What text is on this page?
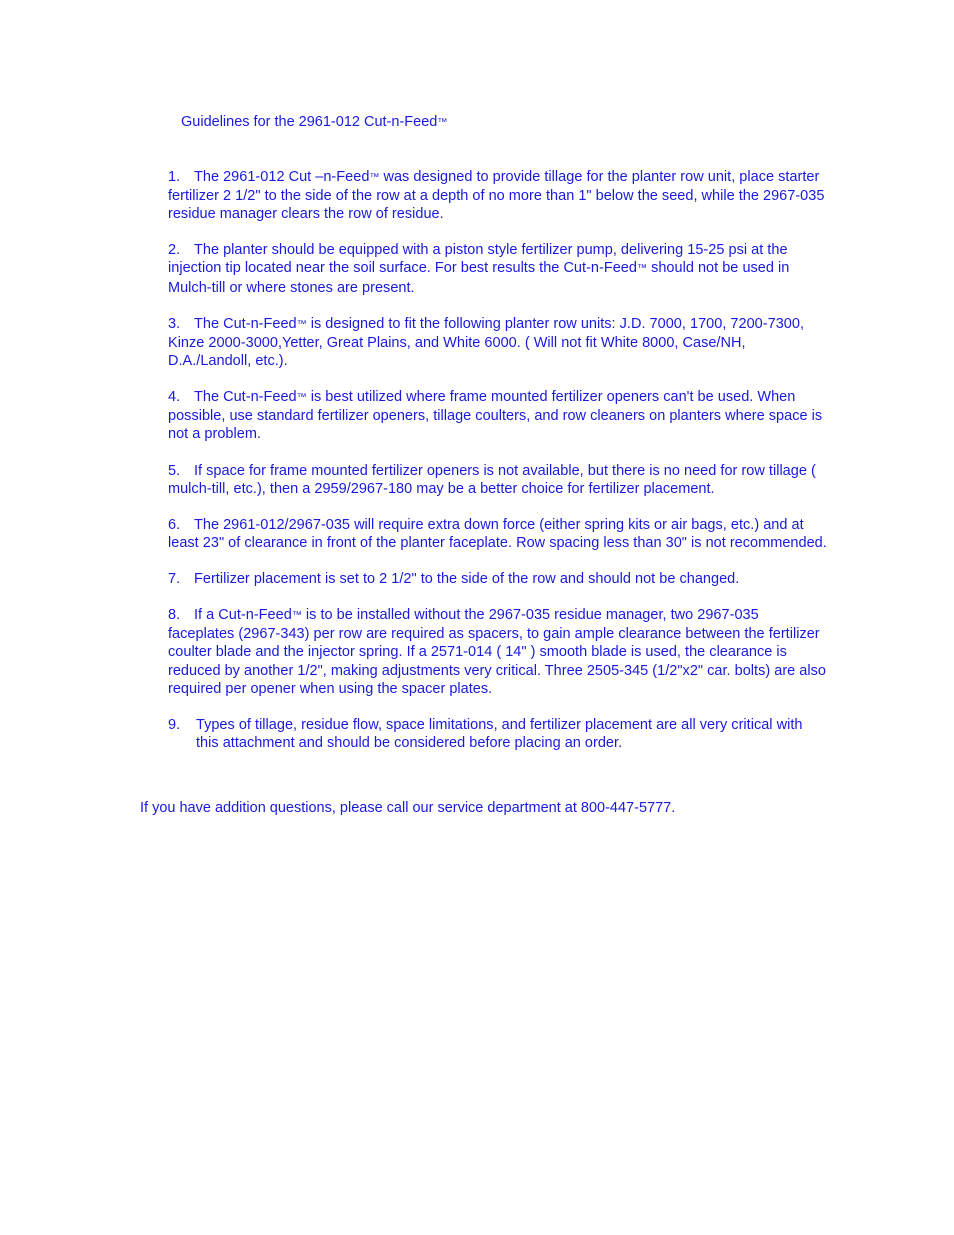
Guidelines for the 2961-012 Cut-n-Feed™

1. The 2961-012 Cut –n-Feed™ was designed to provide tillage for the planter row unit, place starter fertilizer 2 1/2" to the side of the row at a depth of no more than 1" below the seed, while the 2967-035 residue manager clears the row of residue.
2. The planter should be equipped with a piston style fertilizer pump, delivering 15-25 psi at the injection tip located near the soil surface. For best results the Cut-n-Feed™ should not be used in Mulch-till or where stones are present.
3. The Cut-n-Feed™ is designed to fit the following planter row units: J.D. 7000, 1700, 7200-7300, Kinze 2000-3000,Yetter, Great Plains, and White 6000. ( Will not fit White 8000, Case/NH, D.A./Landoll, etc.).
4. The Cut-n-Feed™ is best utilized where frame mounted fertilizer openers can't be used. When possible, use standard fertilizer openers, tillage coulters, and row cleaners on planters where space is not a problem.
5. If space for frame mounted fertilizer openers is not available, but there is no need for row tillage ( mulch-till, etc.), then a 2959/2967-180 may be a better choice for fertilizer placement.
6. The 2961-012/2967-035 will require extra down force (either spring kits or air bags, etc.) and at least 23" of clearance in front of the planter faceplate. Row spacing less than 30" is not recommended.
7. Fertilizer placement is set to 2 1/2" to the side of the row and should not be changed.
8. If a Cut-n-Feed™ is to be installed without the 2967-035 residue manager, two 2967-035 faceplates (2967-343) per row are required as spacers, to gain ample clearance between the fertilizer coulter blade and the injector spring. If a 2571-014 ( 14" ) smooth blade is used, the clearance is reduced by another 1/2", making adjustments very critical. Three 2505-345 (1/2"x2" car. bolts) are also required per opener when using the spacer plates.
9. Types of tillage, residue flow, space limitations, and fertilizer placement are all very critical with this attachment and should be considered before placing an order.

If you have addition questions, please call our service department at 800-447-5777.
